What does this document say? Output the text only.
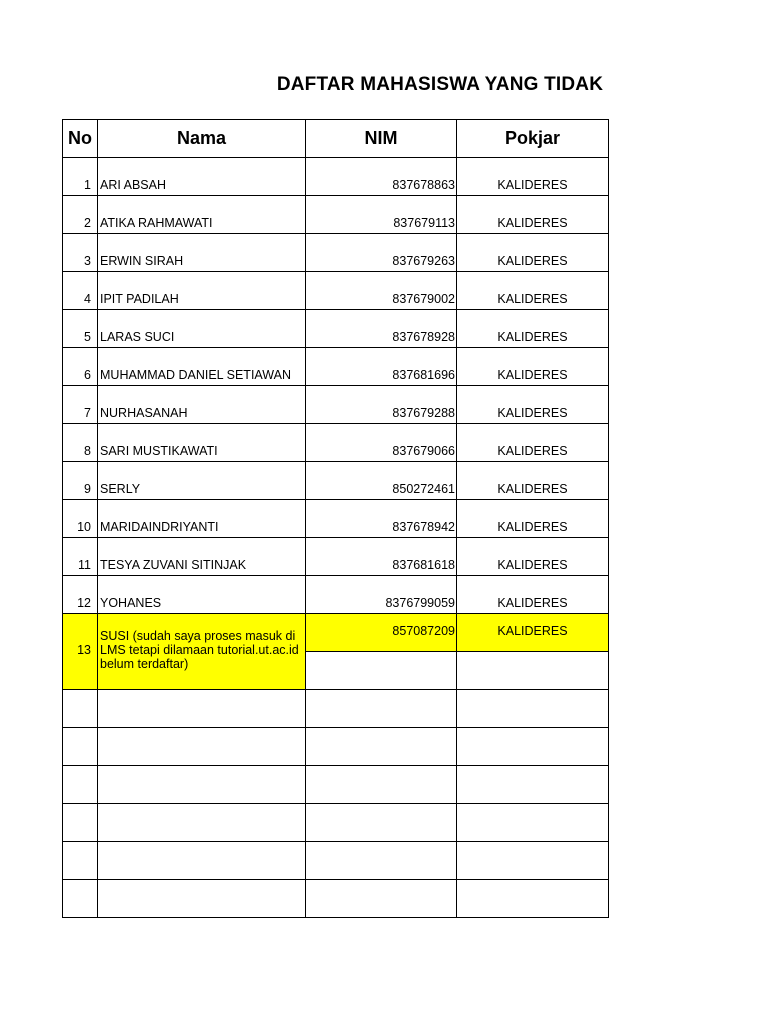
DAFTAR MAHASISWA YANG TIDAK
No	Nama	NIM	Pokjar
1	ARI ABSAH	837678863	KALIDERES
2	ATIKA RAHMAWATI	837679113	KALIDERES
3	ERWIN SIRAH	837679263	KALIDERES
4	IPIT PADILAH	837679002	KALIDERES
5	LARAS SUCI	837678928	KALIDERES
6	MUHAMMAD DANIEL SETIAWAN	837681696	KALIDERES
7	NURHASANAH	837679288	KALIDERES
8	SARI MUSTIKAWATI	837679066	KALIDERES
9	SERLY	850272461	KALIDERES
10	MARIDAINDRIYANTI	837678942	KALIDERES
11	TESYA ZUVANI SITINJAK	837681618	KALIDERES
12	YOHANES	8376799059	KALIDERES
13	SUSI (sudah saya proses masuk di LMS tetapi dilamaan tutorial.ut.ac.id belum terdaftar)	857087209	KALIDERES
